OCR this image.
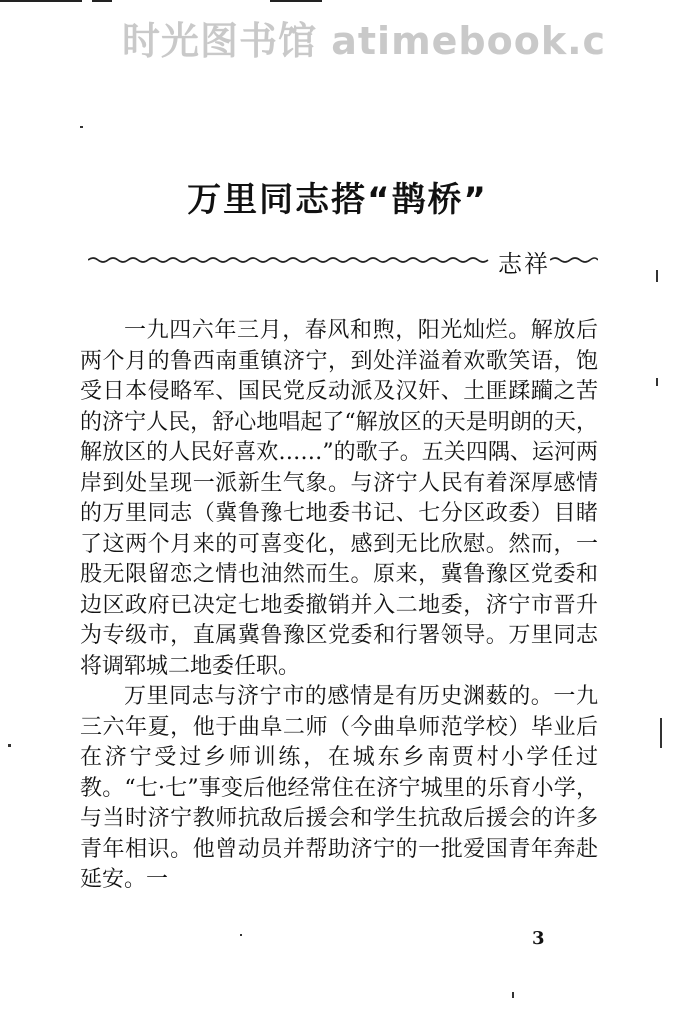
时光图书馆 atimebook.c
万里同志搭“鹊桥”
志祥

一九四六年三月，春风和煦，阳光灿烂。解放后两个月的鲁西南重镇济宁，到处洋溢着欢歌笑语，饱受日本侵略军、国民党反动派及汉奸、土匪蹂躏之苦的济宁人民，舒心地唱起了“解放区的天是明朗的天，解放区的人民好喜欢……”的歌子。五关四隅、运河两岸到处呈现一派新生气象。与济宁人民有着深厚感情的万里同志（冀鲁豫七地委书记、七分区政委）目睹了这两个月来的可喜变化，感到无比欣慰。然而，一股无限留恋之情也油然而生。原来，冀鲁豫区党委和边区政府已决定七地委撤销并入二地委，济宁市晋升为专级市，直属冀鲁豫区党委和行署领导。万里同志将调郓城二地委任职。

万里同志与济宁市的感情是有历史渊薮的。一九三六年夏，他于曲阜二师（今曲阜师范学校）毕业后在济宁受过乡师训练，在城东乡南贾村小学任过教。“七·七”事变后他经常住在济宁城里的乐育小学，与当时济宁教师抗敌后援会和学生抗敌后援会的许多青年相识。他曾动员并帮助济宁的一批爱国青年奔赴延安。一

3
